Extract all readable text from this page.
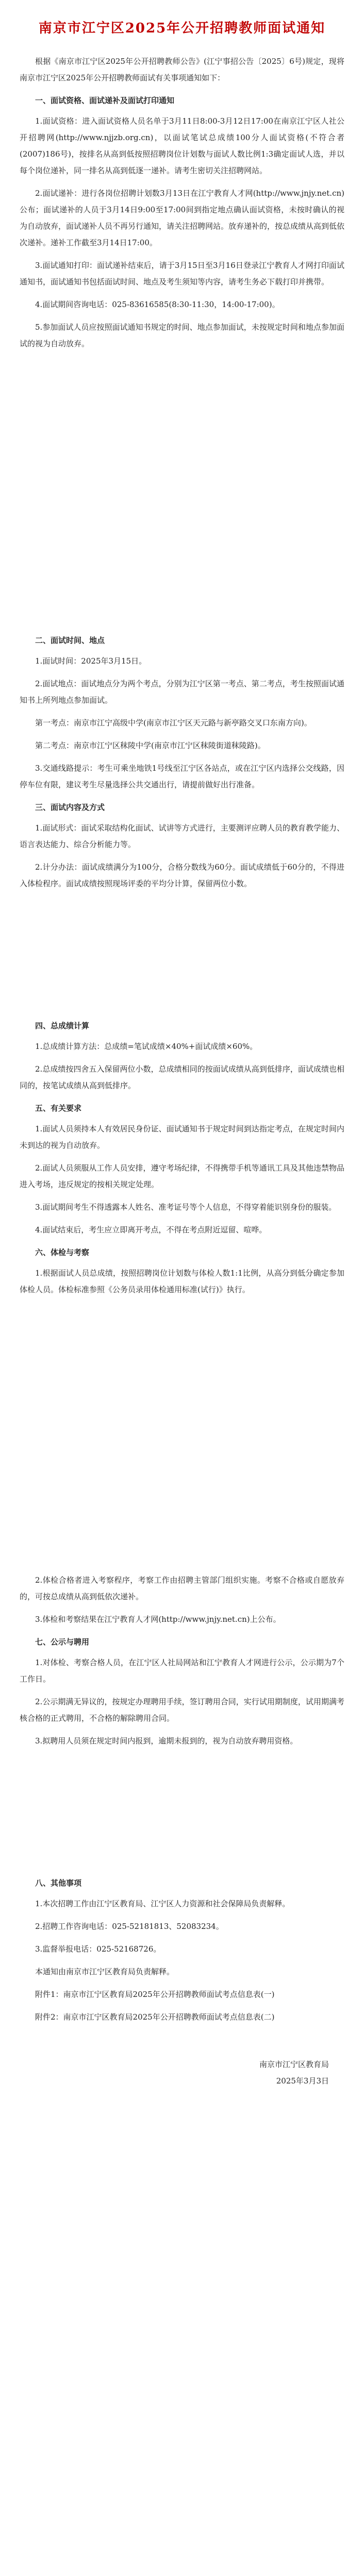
南京市江宁区2025年公开招聘教师面试通知

根据《南京市江宁区2025年公开招聘教师公告》(江宁事招公告〔2025〕6号)规定，现将南京市江宁区2025年公开招聘教师面试有关事项通知如下：

一、面试资格、面试递补及面试打印通知

1.面试资格：进入面试资格人员名单于3月11日8:00-3月12日17:00在南京江宁区人社公开招聘网(http://www.njjzb.org.cn)，以面试笔试总成绩100分人面试资格(不符合者(2007)186号)，按排名从高到低按照招聘岗位计划数与面试人数比例1:3确定面试人选，并以每个岗位递补，同一排名从高到低逐一递补。请考生密切关注招聘网站。

2.面试递补：进行各岗位招聘计划数3月13日在江宁教育人才网(http://www.jnjy.net.cn)公布；面试递补的人员于3月14日9:00至17:00间到指定地点确认面试资格，未按时确认的视为自动放弃，面试递补人员不再另行通知，请关注招聘网站。放弃递补的，按总成绩从高到低依次递补。递补工作截至3月14日17:00。

3.面试通知打印：面试递补结束后，请于3月15日至3月16日登录江宁教育人才网打印面试通知书，面试通知书包括面试时间、地点及考生须知等内容，请考生务必下载打印并携带。

4.面试期间咨询电话：025-83616585(8:30-11:30，14:00-17:00)。

5.参加面试人员应按照面试通知书规定的时间、地点参加面试，未按规定时间和地点参加面试的视为自动放弃。

二、面试时间、地点

1.面试时间：2025年3月15日。

2.面试地点：面试地点分为两个考点，分别为江宁区第一考点、第二考点，考生按照面试通知书上所列地点参加面试。

第一考点：南京市江宁高级中学(南京市江宁区天元路与新亭路交叉口东南方向)。

第二考点：南京市江宁区秣陵中学(南京市江宁区秣陵街道秣陵路)。

3.交通线路提示：考生可乘坐地铁1号线至江宁区各站点，或在江宁区内选择公交线路，因停车位有限，建议考生尽量选择公共交通出行，请提前做好出行准备。

三、面试内容及方式

1.面试形式：面试采取结构化面试、试讲等方式进行，主要测评应聘人员的教育教学能力、语言表达能力、综合分析能力等。

2.计分办法：面试成绩满分为100分，合格分数线为60分。面试成绩低于60分的，不得进入体检程序。面试成绩按照现场评委的平均分计算，保留两位小数。

四、总成绩计算

1.总成绩计算方法：总成绩=笔试成绩×40%+面试成绩×60%。

2.总成绩按四舍五入保留两位小数，总成绩相同的按面试成绩从高到低排序，面试成绩也相同的，按笔试成绩从高到低排序。

五、有关要求

1.面试人员须持本人有效居民身份证、面试通知书于规定时间到达指定考点，在规定时间内未到达的视为自动放弃。

2.面试人员须服从工作人员安排，遵守考场纪律，不得携带手机等通讯工具及其他违禁物品进入考场，违反规定的按相关规定处理。

3.面试期间考生不得透露本人姓名、准考证号等个人信息，不得穿着能识别身份的服装。

4.面试结束后，考生应立即离开考点，不得在考点附近逗留、喧哗。

六、体检与考察

1.根据面试人员总成绩，按照招聘岗位计划数与体检人数1:1比例，从高分到低分确定参加体检人员。体检标准参照《公务员录用体检通用标准(试行)》执行。

2.体检合格者进入考察程序，考察工作由招聘主管部门组织实施。考察不合格或自愿放弃的，可按总成绩从高到低依次递补。

3.体检和考察结果在江宁教育人才网(http://www.jnjy.net.cn)上公布。

七、公示与聘用

1.对体检、考察合格人员，在江宁区人社局网站和江宁教育人才网进行公示，公示期为7个工作日。

2.公示期满无异议的，按规定办理聘用手续，签订聘用合同，实行试用期制度，试用期满考核合格的正式聘用，不合格的解除聘用合同。

3.拟聘用人员须在规定时间内报到，逾期未报到的，视为自动放弃聘用资格。

八、其他事项

1.本次招聘工作由江宁区教育局、江宁区人力资源和社会保障局负责解释。

2.招聘工作咨询电话：025-52181813、52083234。

3.监督举报电话：025-52168726。

本通知由南京市江宁区教育局负责解释。

附件1：南京市江宁区教育局2025年公开招聘教师面试考点信息表(一)

附件2：南京市江宁区教育局2025年公开招聘教师面试考点信息表(二)

南京市江宁区教育局
2025年3月3日
